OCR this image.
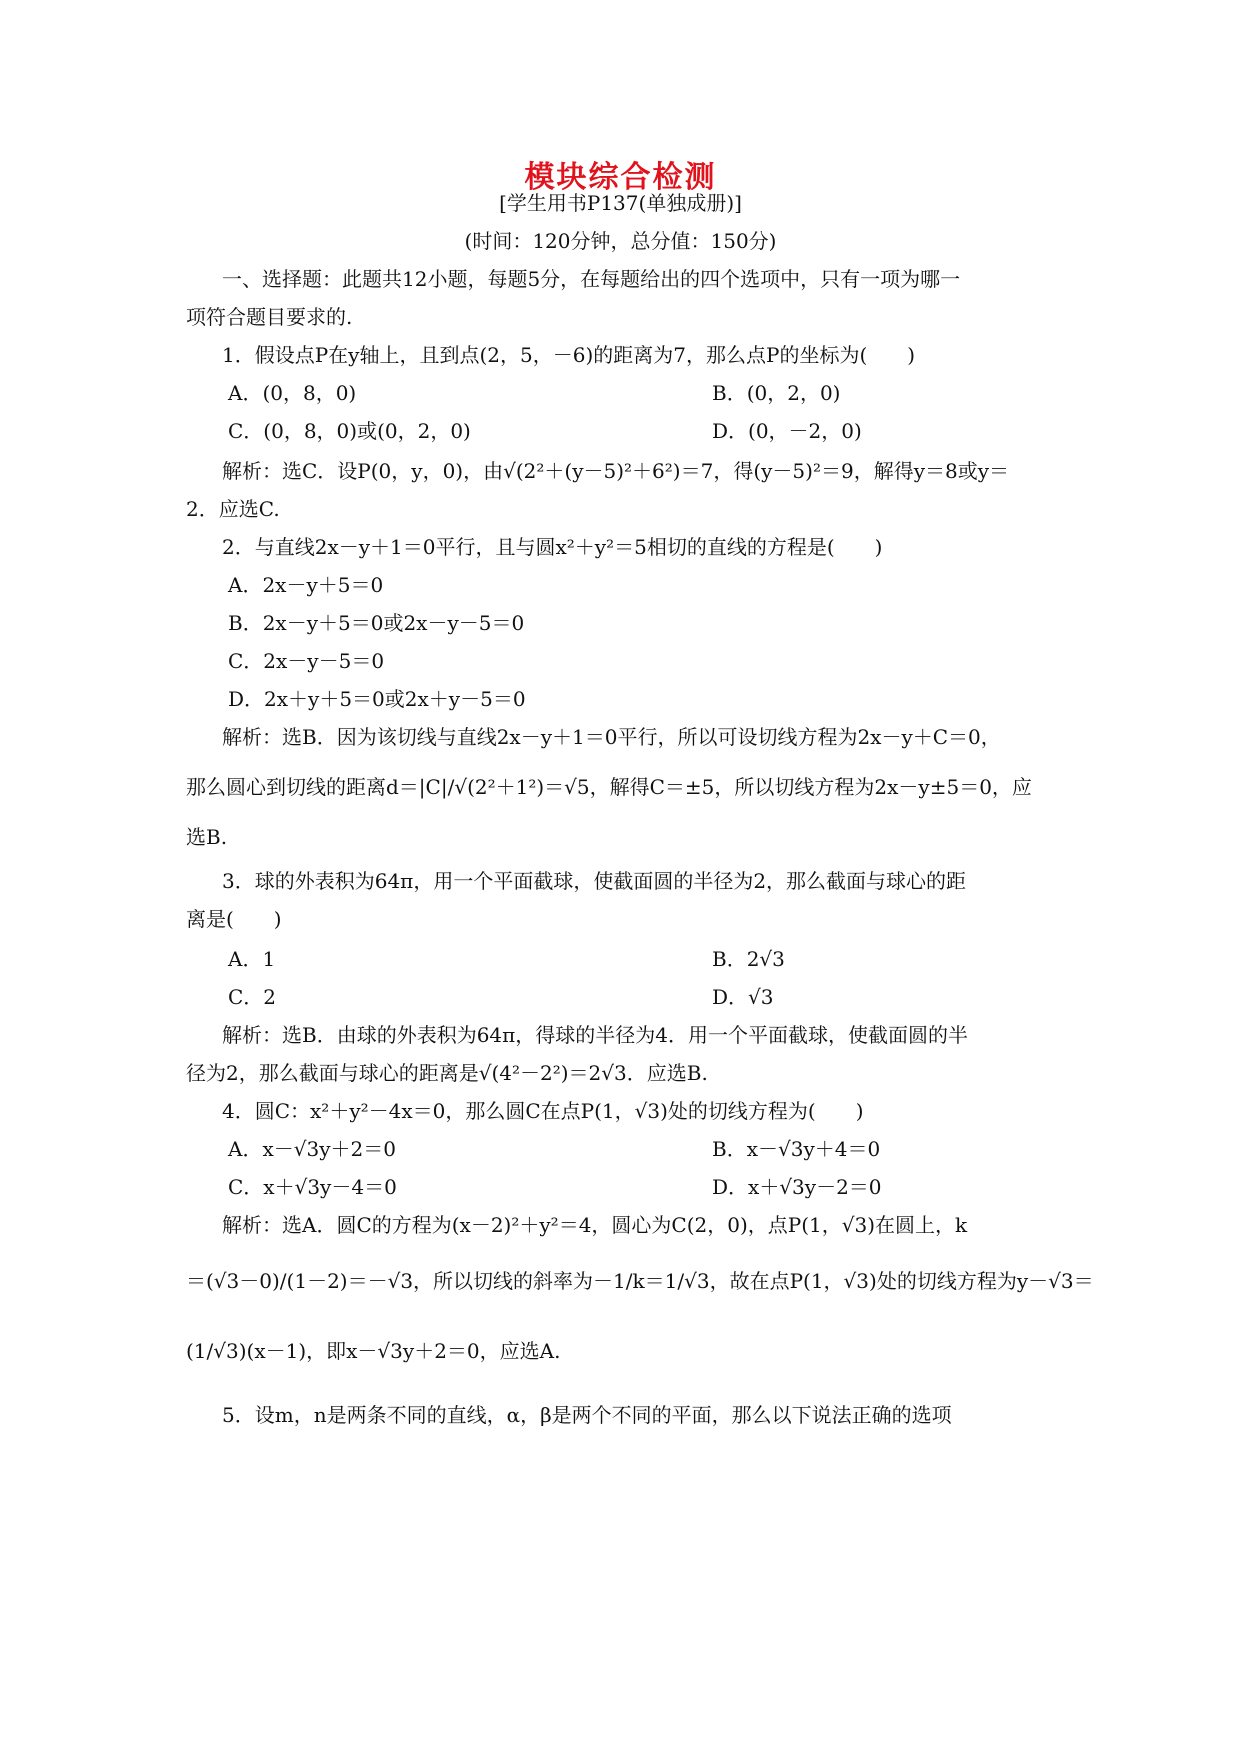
模块综合检测
[学生用书P137(单独成册)]
(时间：120分钟，总分值：150分)
一、选择题：此题共12小题，每题5分，在每题给出的四个选项中，只有一项为哪一
项符合题目要求的.
1．假设点P在y轴上，且到点(2，5，－6)的距离为7，那么点P的坐标为(　　)
A．(0，8，0)	B．(0，2，0)
C．(0，8，0)或(0，2，0)	D．(0，－2，0)
解析：选C．设P(0，y，0)，由√(2²＋(y－5)²＋6²)＝7，得(y－5)²＝9，解得y＝8或y＝
2．应选C.
2．与直线2x－y＋1＝0平行，且与圆x²＋y²＝5相切的直线的方程是(　　)
A．2x－y＋5＝0
B．2x－y＋5＝0或2x－y－5＝0
C．2x－y－5＝0
D．2x＋y＋5＝0或2x＋y－5＝0
解析：选B．因为该切线与直线2x－y＋1＝0平行，所以可设切线方程为2x－y＋C＝0，
那么圆心到切线的距离d＝|C|/√(2²＋1²)＝√5，解得C＝±5，所以切线方程为2x－y±5＝0，应
选B.
3．球的外表积为64π，用一个平面截球，使截面圆的半径为2，那么截面与球心的距
离是(　　)
A．1	B．2√3
C．2	D．√3
解析：选B．由球的外表积为64π，得球的半径为4．用一个平面截球，使截面圆的半
径为2，那么截面与球心的距离是√(4²－2²)＝2√3．应选B.
4．圆C：x²＋y²－4x＝0，那么圆C在点P(1，√3)处的切线方程为(　　)
A．x－√3y＋2＝0	B．x－√3y＋4＝0
C．x＋√3y－4＝0	D．x＋√3y－2＝0
解析：选A．圆C的方程为(x－2)²＋y²＝4，圆心为C(2，0)，点P(1，√3)在圆上，k
＝(√3－0)/(1－2)＝－√3，所以切线的斜率为－1/k＝1/√3，故在点P(1，√3)处的切线方程为y－√3＝
(1/√3)(x－1)，即x－√3y＋2＝0，应选A.
5．设m，n是两条不同的直线，α，β是两个不同的平面，那么以下说法正确的选项
